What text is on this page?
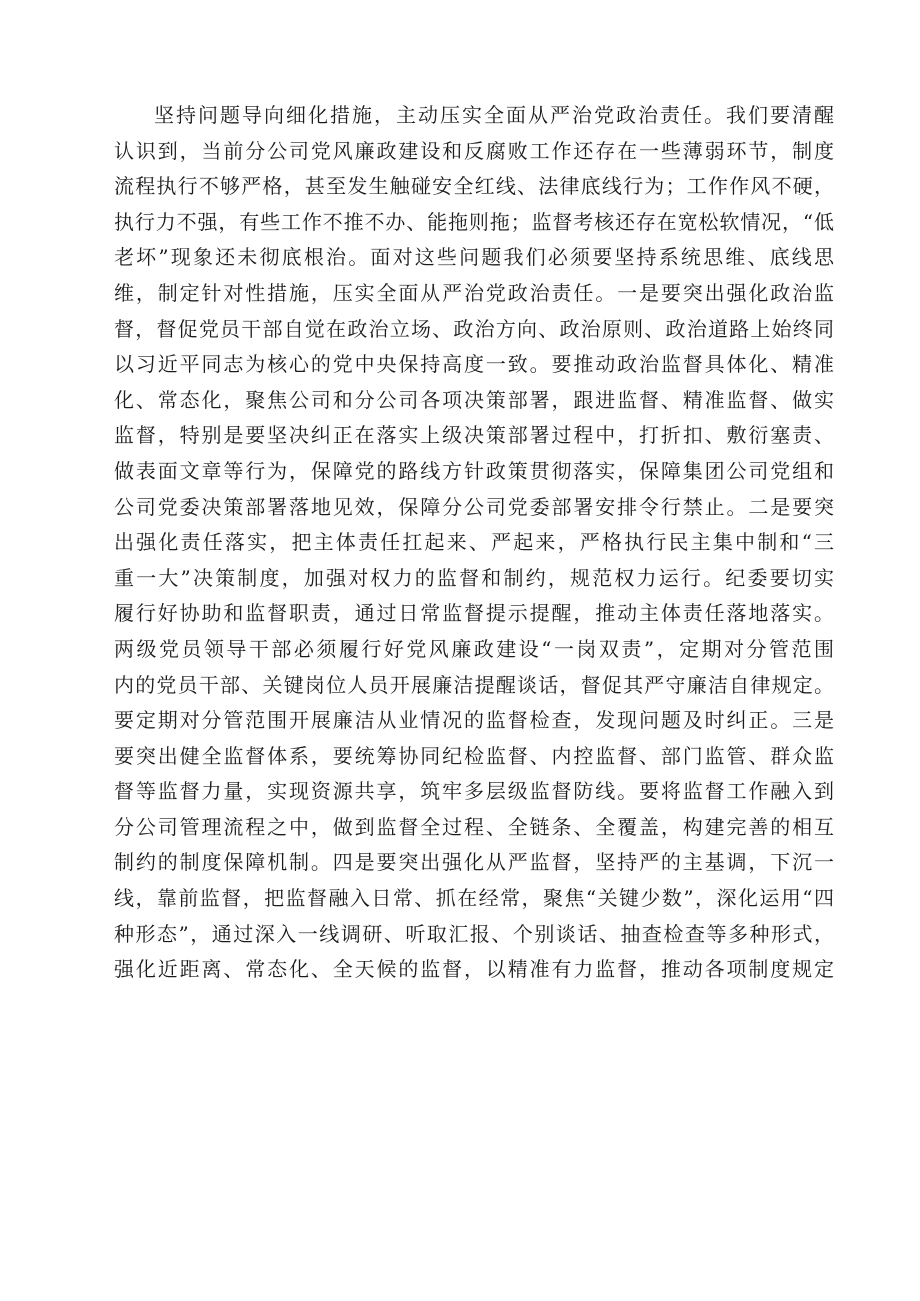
坚持问题导向细化措施，主动压实全面从严治党政治责任。我们要清醒
认识到，当前分公司党风廉政建设和反腐败工作还存在一些薄弱环节，制度
流程执行不够严格，甚至发生触碰安全红线、法律底线行为；工作作风不硬，
执行力不强，有些工作不推不办、能拖则拖；监督考核还存在宽松软情况，“低
老坏”现象还未彻底根治。面对这些问题我们必须要坚持系统思维、底线思
维，制定针对性措施，压实全面从严治党政治责任。一是要突出强化政治监
督，督促党员干部自觉在政治立场、政治方向、政治原则、政治道路上始终同
以习近平同志为核心的党中央保持高度一致。要推动政治监督具体化、精准
化、常态化，聚焦公司和分公司各项决策部署，跟进监督、精准监督、做实
监督，特别是要坚决纠正在落实上级决策部署过程中，打折扣、敷衍塞责、
做表面文章等行为，保障党的路线方针政策贯彻落实，保障集团公司党组和
公司党委决策部署落地见效，保障分公司党委部署安排令行禁止。二是要突
出强化责任落实，把主体责任扛起来、严起来，严格执行民主集中制和“三
重一大”决策制度，加强对权力的监督和制约，规范权力运行。纪委要切实
履行好协助和监督职责，通过日常监督提示提醒，推动主体责任落地落实。
两级党员领导干部必须履行好党风廉政建设“一岗双责”，定期对分管范围
内的党员干部、关键岗位人员开展廉洁提醒谈话，督促其严守廉洁自律规定。
要定期对分管范围开展廉洁从业情况的监督检查，发现问题及时纠正。三是
要突出健全监督体系，要统筹协同纪检监督、内控监督、部门监管、群众监
督等监督力量，实现资源共享，筑牢多层级监督防线。要将监督工作融入到
分公司管理流程之中，做到监督全过程、全链条、全覆盖，构建完善的相互
制约的制度保障机制。四是要突出强化从严监督，坚持严的主基调，下沉一
线，靠前监督，把监督融入日常、抓在经常，聚焦“关键少数”，深化运用“四
种形态”，通过深入一线调研、听取汇报、个别谈话、抽查检查等多种形式，
强化近距离、常态化、全天候的监督，以精准有力监督，推动各项制度规定
